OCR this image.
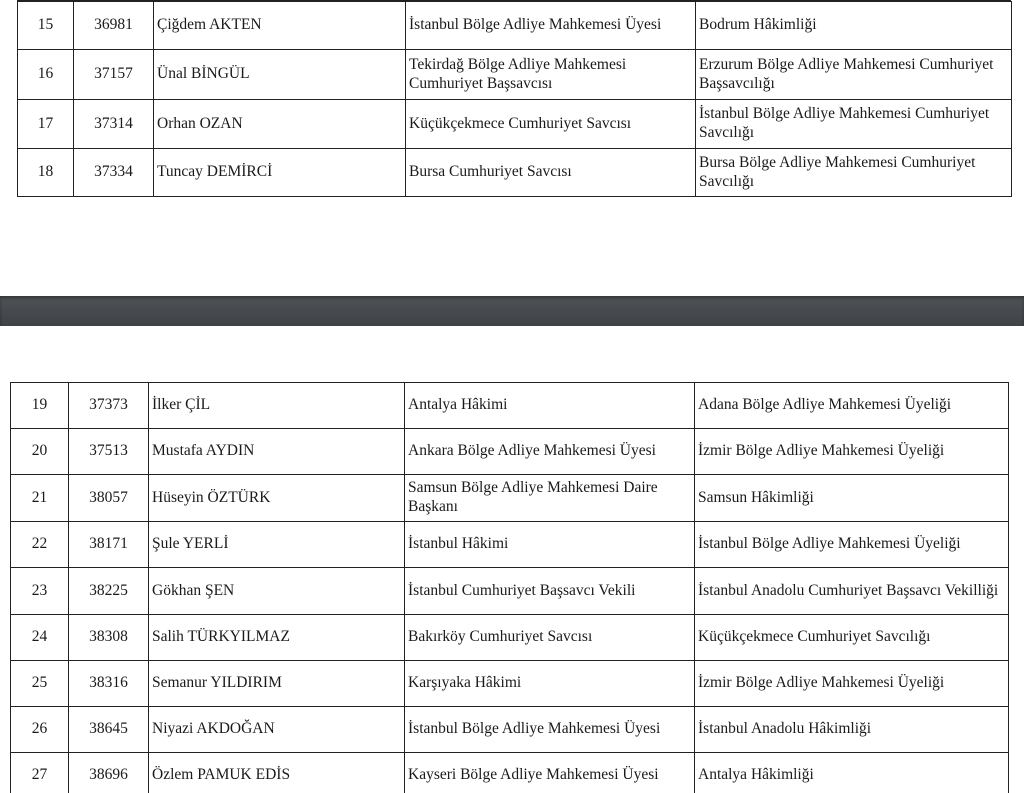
15	36981	Çiğdem AKTEN	İstanbul Bölge Adliye Mahkemesi Üyesi	Bodrum Hâkimliği
16	37157	Ünal BİNGÜL	Tekirdağ Bölge Adliye Mahkemesi Cumhuriyet Başsavcısı	Erzurum Bölge Adliye Mahkemesi Cumhuriyet Başsavcılığı
17	37314	Orhan OZAN	Küçükçekmece Cumhuriyet Savcısı	İstanbul Bölge Adliye Mahkemesi Cumhuriyet Savcılığı
18	37334	Tuncay DEMİRCİ	Bursa Cumhuriyet Savcısı	Bursa Bölge Adliye Mahkemesi Cumhuriyet Savcılığı
19	37373	İlker ÇİL	Antalya Hâkimi	Adana Bölge Adliye Mahkemesi Üyeliği
20	37513	Mustafa AYDIN	Ankara Bölge Adliye Mahkemesi Üyesi	İzmir Bölge Adliye Mahkemesi Üyeliği
21	38057	Hüseyin ÖZTÜRK	Samsun Bölge Adliye Mahkemesi Daire Başkanı	Samsun Hâkimliği
22	38171	Şule YERLİ	İstanbul Hâkimi	İstanbul Bölge Adliye Mahkemesi Üyeliği
23	38225	Gökhan ŞEN	İstanbul Cumhuriyet Başsavcı Vekili	İstanbul Anadolu Cumhuriyet Başsavcı Vekilliği
24	38308	Salih TÜRKYILMAZ	Bakırköy Cumhuriyet Savcısı	Küçükçekmece Cumhuriyet Savcılığı
25	38316	Semanur YILDIRIM	Karşıyaka Hâkimi	İzmir Bölge Adliye Mahkemesi Üyeliği
26	38645	Niyazi AKDOĞAN	İstanbul Bölge Adliye Mahkemesi Üyesi	İstanbul Anadolu Hâkimliği
27	38696	Özlem PAMUK EDİS	Kayseri Bölge Adliye Mahkemesi Üyesi	Antalya Hâkimliği
